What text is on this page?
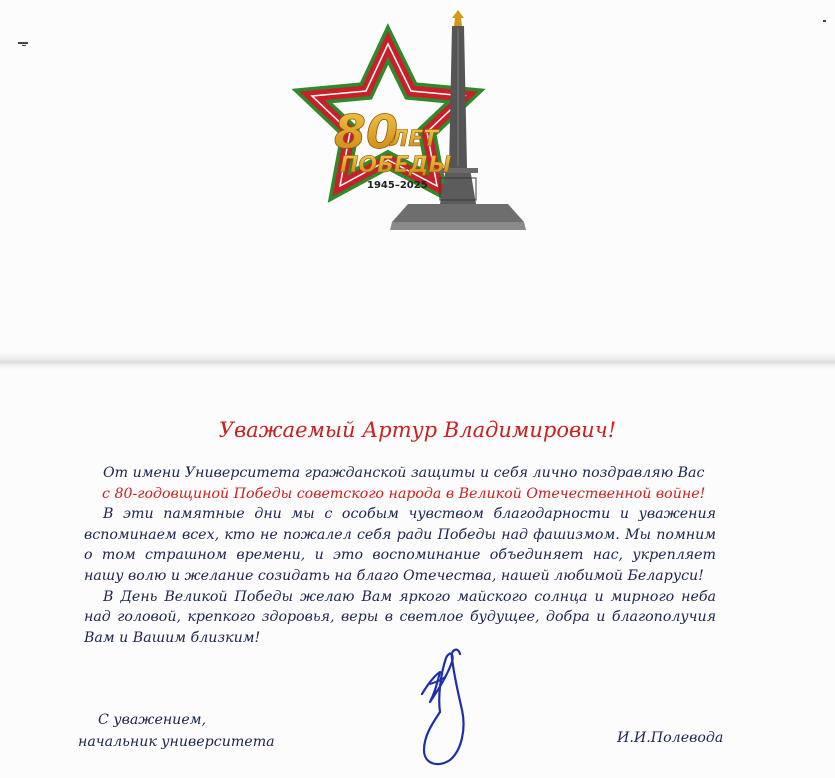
80
ЛЕТ
ПОБЕДЫ
1945–2025
Уважаемый Артур Владимирович!

От имени Университета гражданской защиты и себя лично поздравляю Вас

с 80-годовщиной Победы советского народа в Великой Отечественной войне!

В эти памятные дни мы с особым чувством благодарности и уважения вспоминаем всех, кто не пожалел себя ради Победы над фашизмом. Мы помним о том страшном времени, и это воспоминание объединяет нас, укрепляет нашу волю и желание созидать на благо Отечества, нашей любимой Беларуси!

В День Великой Победы желаю Вам яркого майского солнца и мирного неба над головой, крепкого здоровья, веры в светлое будущее, добра и благополучия Вам и Вашим близким!

С уважением,
начальник университета	И.И.Полевода
